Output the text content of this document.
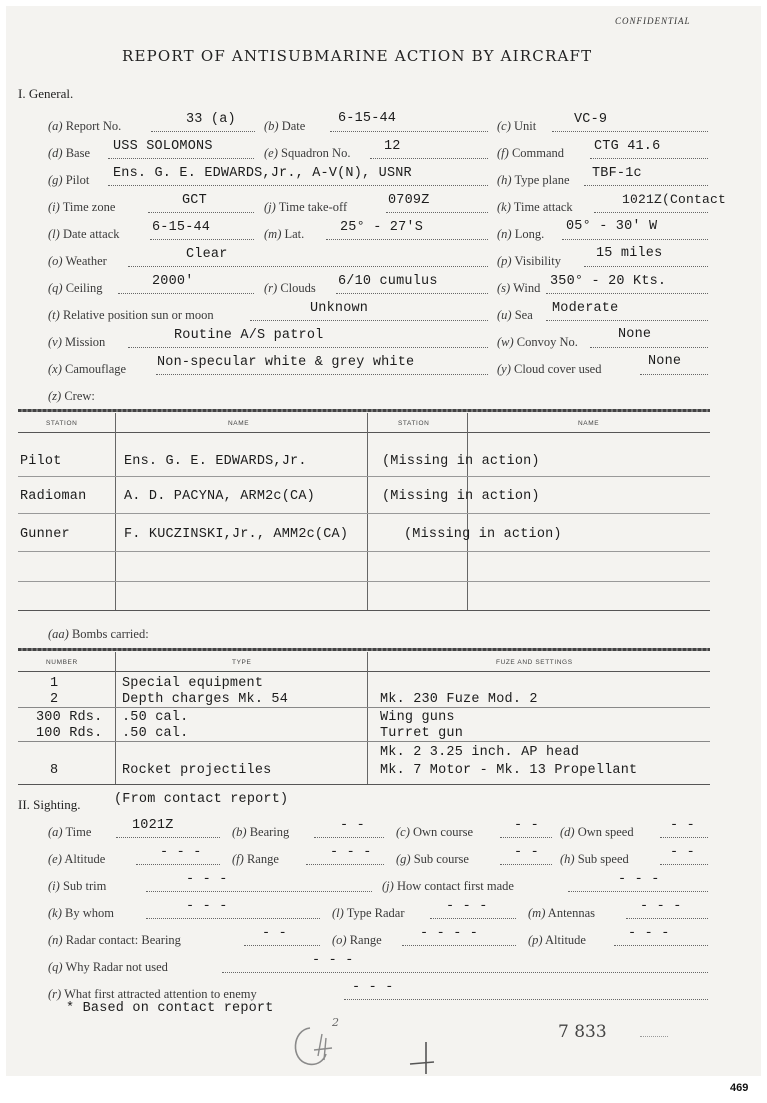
CONFIDENTIAL
REPORT OF ANTISUBMARINE ACTION BY AIRCRAFT
I. General.
(a) Report No.	33 (a) (b) Date 6-15-44	(c) Unit	VC-9
(d) Base USS SOLOMONS	(e) Squadron No. 12	(f) Command CTG 41.6
(g) Pilot Ens. G. E. EDWARDS,Jr., A-V(N), USNR	(h) Type plane TBF-1c
(i) Time zone	GCT	(j) Time take-off	0709Z	(k) Time attack	1021Z(Contact
(l) Date attack 6-15-44	(m) Lat.	25° - 27'S	(n) Long. 05° - 30' W
(o) Weather	Clear	(p) Visibility	15 miles
(q) Ceiling	2000'	(r) Clouds 6/10 cumulus	(s) Wind 350° - 20 Kts.
(t) Relative position sun or moon	Unknown	(u) Sea Moderate
(v) Mission	Routine A/S patrol	(w) Convoy No.	None
(x) Camouflage Non-specular white & grey white	(y) Cloud cover used	None
(z) Crew:
STATION	NAME	STATION	NAME
Pilot	Ens. G. E. EDWARDS,Jr.	(Missing in action)
Radioman	A. D. PACYNA, ARM2c(CA)	(Missing in action)
Gunner	F. KUCZINSKI,Jr., AMM2c(CA)	(Missing in action)
(aa) Bombs carried:
NUMBER	TYPE	FUZE AND SETTINGS
1	Special equipment
2	Depth charges Mk. 54	Mk. 230 Fuze Mod. 2
300 Rds. .50 cal.	Wing guns
100 Rds. .50 cal.	Turret gun
Mk. 2 3.25 inch. AP head
8	Rocket projectiles	Mk. 7 Motor - Mk. 13 Propellant
II. Sighting. (From contact report)
(a) Time	1021Z	(b) Bearing	- - (c) Own course	- - (d) Own speed	- -
(e) Altitude	- - - (f) Range	- - - (g) Sub course	- - (h) Sub speed	- -
(i) Sub trim	- - -	(j) How contact first made	- - -
(k) By whom	- - -	(l) Type Radar	- - -	(m) Antennas	- - -
(n) Radar contact: Bearing	- -	(o) Range	- - - -	(p) Altitude	- - -
(q) Why Radar not used	- - -
(r) What first attracted attention to enemy	- - -
* Based on contact report
2	7 833
469
